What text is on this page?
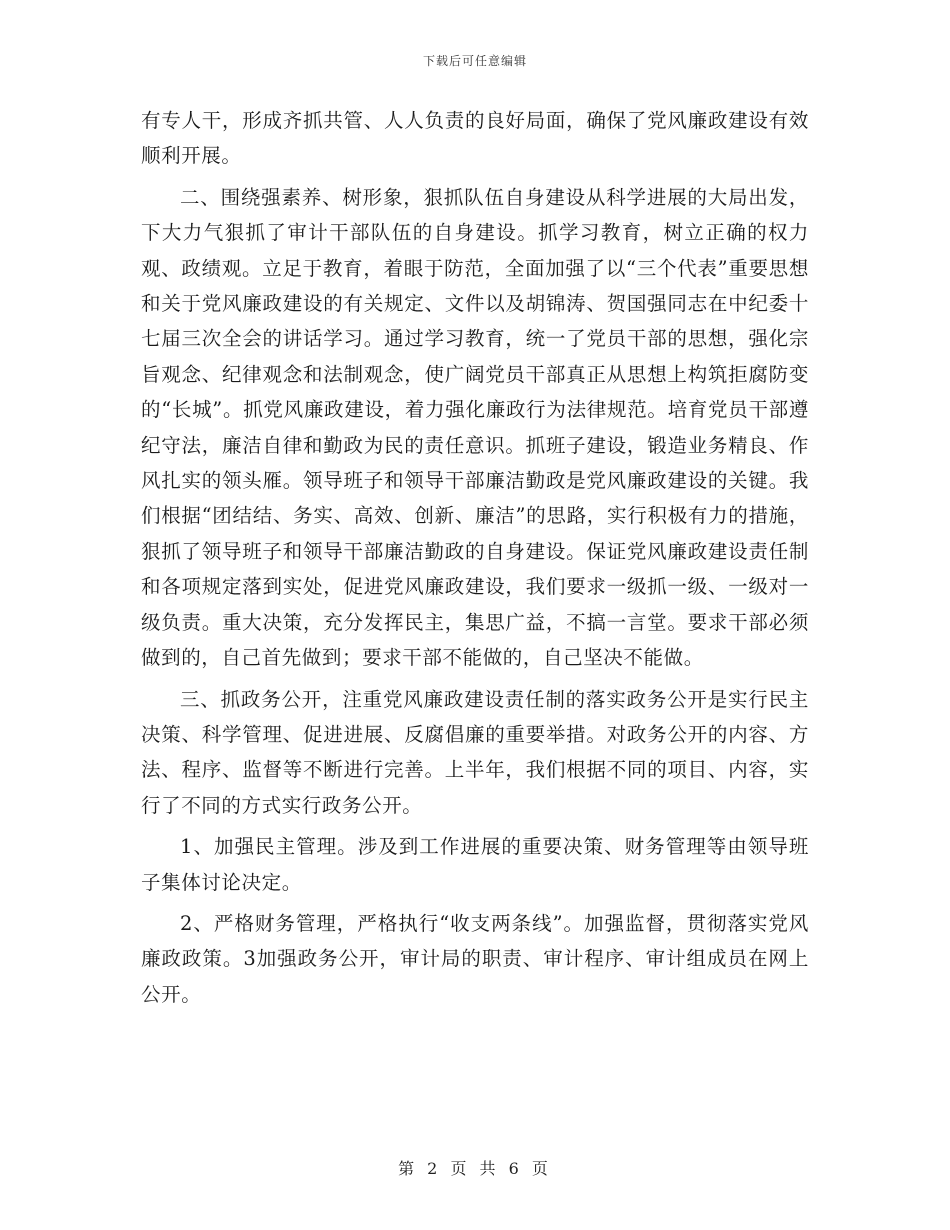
下载后可任意编辑

有专人干，形成齐抓共管、人人负责的良好局面，确保了党风廉政建设有效顺利开展。

二、围绕强素养、树形象，狠抓队伍自身建设从科学进展的大局出发，下大力气狠抓了审计干部队伍的自身建设。抓学习教育，树立正确的权力观、政绩观。立足于教育，着眼于防范，全面加强了以“三个代表”重要思想和关于党风廉政建设的有关规定、文件以及胡锦涛、贺国强同志在中纪委十七届三次全会的讲话学习。通过学习教育，统一了党员干部的思想，强化宗旨观念、纪律观念和法制观念，使广阔党员干部真正从思想上构筑拒腐防变的“长城”。抓党风廉政建设，着力强化廉政行为法律规范。培育党员干部遵纪守法，廉洁自律和勤政为民的责任意识。抓班子建设，锻造业务精良、作风扎实的领头雁。领导班子和领导干部廉洁勤政是党风廉政建设的关键。我们根据“团结结、务实、高效、创新、廉洁”的思路，实行积极有力的措施，狠抓了领导班子和领导干部廉洁勤政的自身建设。保证党风廉政建设责任制和各项规定落到实处，促进党风廉政建设，我们要求一级抓一级、一级对一级负责。重大决策，充分发挥民主，集思广益，不搞一言堂。要求干部必须做到的，自己首先做到；要求干部不能做的，自己坚决不能做。

三、抓政务公开，注重党风廉政建设责任制的落实政务公开是实行民主决策、科学管理、促进进展、反腐倡廉的重要举措。对政务公开的内容、方法、程序、监督等不断进行完善。上半年，我们根据不同的项目、内容，实行了不同的方式实行政务公开。

1、加强民主管理。涉及到工作进展的重要决策、财务管理等由领导班子集体讨论决定。

2、严格财务管理，严格执行“收支两条线”。加强监督，贯彻落实党风廉政政策。3加强政务公开，审计局的职责、审计程序、审计组成员在网上公开。

第 2 页 共 6 页
